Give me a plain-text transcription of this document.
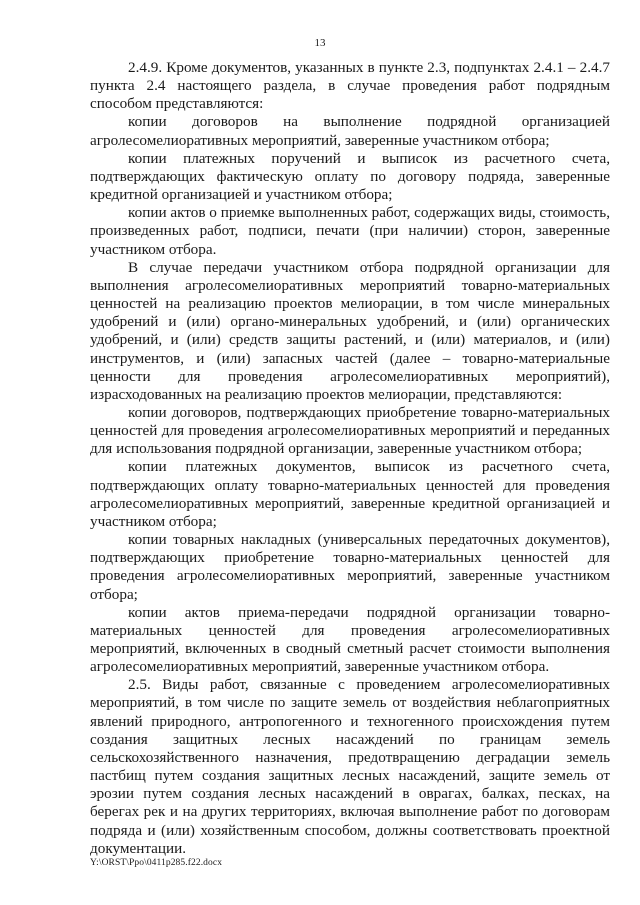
13

2.4.9. Кроме документов, указанных в пункте 2.3, подпунктах 2.4.1 – 2.4.7 пункта 2.4 настоящего раздела, в случае проведения работ подрядным способом представляются:

копии договоров на выполнение подрядной организацией агролесомелиоративных мероприятий, заверенные участником отбора;

копии платежных поручений и выписок из расчетного счета, подтверждающих фактическую оплату по договору подряда, заверенные кредитной организацией и участником отбора;

копии актов о приемке выполненных работ, содержащих виды, стоимость, произведенных работ, подписи, печати (при наличии) сторон, заверенные участником отбора.

В случае передачи участником отбора подрядной организации для выполнения агролесомелиоративных мероприятий товарно-материальных ценностей на реализацию проектов мелиорации, в том числе минеральных удобрений и (или) органо-минеральных удобрений, и (или) органических удобрений, и (или) средств защиты растений, и (или) материалов, и (или) инструментов, и (или) запасных частей (далее – товарно-материальные ценности для проведения агролесомелиоративных мероприятий), израсходованных на реализацию проектов мелиорации, представляются:

копии договоров, подтверждающих приобретение товарно-материальных ценностей для проведения агролесомелиоративных мероприятий и переданных для использования подрядной организации, заверенные участником отбора;

копии платежных документов, выписок из расчетного счета, подтверждающих оплату товарно-материальных ценностей для проведения агролесомелиоративных мероприятий, заверенные кредитной организацией и участником отбора;

копии товарных накладных (универсальных передаточных документов), подтверждающих приобретение товарно-материальных ценностей для проведения агролесомелиоративных мероприятий, заверенные участником отбора;

копии актов приема-передачи подрядной организации товарно-материальных ценностей для проведения агролесомелиоративных мероприятий, включенных в сводный сметный расчет стоимости выполнения агролесомелиоративных мероприятий, заверенные участником отбора.

2.5. Виды работ, связанные с проведением агролесомелиоративных мероприятий, в том числе по защите земель от воздействия неблагоприятных явлений природного, антропогенного и техногенного происхождения путем создания защитных лесных насаждений по границам земель сельскохозяйственного назначения, предотвращению деградации земель пастбищ путем создания защитных лесных насаждений, защите земель от эрозии путем создания лесных насаждений в оврагах, балках, песках, на берегах рек и на других территориях, включая выполнение работ по договорам подряда и (или) хозяйственным способом, должны соответствовать проектной документации.

Y:\ORST\Ppo\0411p285.f22.docx
